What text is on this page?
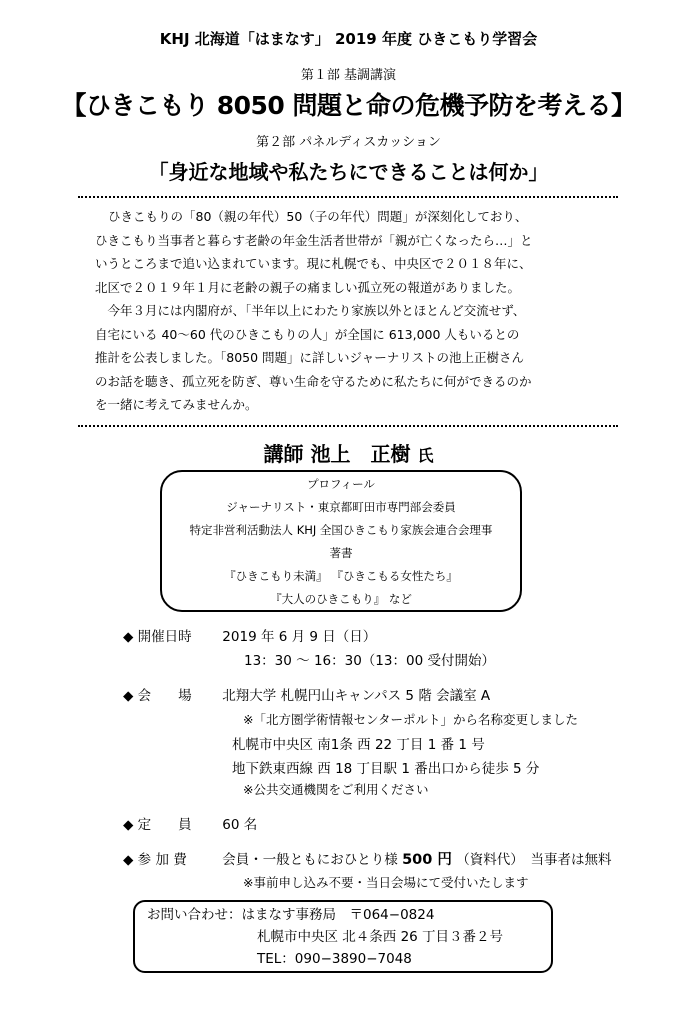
KHJ 北海道「はまなす」 2019 年度 ひきこもり学習会
第１部 基調講演
【ひきこもり 8050 問題と命の危機予防を考える】
第２部 パネルディスカッション
「身近な地域や私たちにできることは何か」

ひきこもりの「80（親の年代）50（子の年代）問題」が深刻化しており、

ひきこもり当事者と暮らす老齢の年金生活者世帯が「親が亡くなったら…」と

いうところまで追い込まれています。現に札幌でも、中央区で２０１８年に、

北区で２０１９年１月に老齢の親子の痛ましい孤立死の報道がありました。

　今年３月には内閣府が、「半年以上にわたり家族以外とほとんど交流せず、

自宅にいる 40〜60 代のひきこもりの人」が全国に 613,000 人もいるとの

推計を公表しました。「8050 問題」に詳しいジャーナリストの池上正樹さん

のお話を聴き、孤立死を防ぎ、尊い生命を守るために私たちに何ができるのか

を一緒に考えてみませんか。

講師 池上　正樹 氏
プロフィール
ジャーナリスト・東京都町田市専門部会委員
特定非営利活動法人 KHJ 全国ひきこもり家族会連合会理事
著書
『ひきこもり未満』 『ひきこもる女性たち』
『大人のひきこもり』 など
◆ 開催日時 2019 年 6 月 9 日（日）
13：30 〜 16：30（13：00 受付開始）
◆ 会　　場 北翔大学 札幌円山キャンパス 5 階 会議室 A
※「北方圏学術情報センターポルト」から名称変更しました
札幌市中央区 南1条 西 22 丁目 1 番 1 号
地下鉄東西線 西 18 丁目駅 1 番出口から徒歩 5 分
※公共交通機関をご利用ください
◆ 定　　員 60 名
◆ 参 加 費	会員・一般ともにおひとり様 500 円 （資料代）　当事者は無料
※事前申し込み不要・当日会場にて受付いたします
お問い合わせ：はまなす事務局　〒064−0824
札幌市中央区 北４条西 26 丁目３番２号
TEL：090−3890−7048
